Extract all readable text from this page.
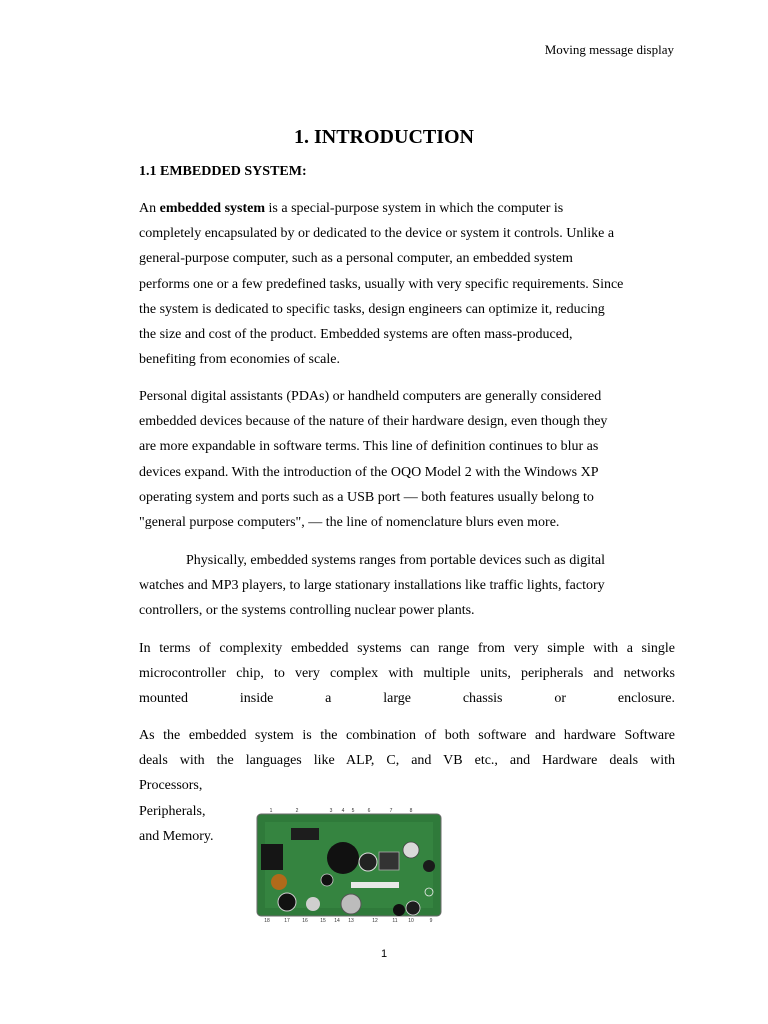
Moving message display
1. INTRODUCTION
1.1 EMBEDDED SYSTEM:
An embedded system is a special-purpose system in which the computer is
completely encapsulated by or dedicated to the device or system it controls. Unlike a
general-purpose computer, such as a personal computer, an embedded system
performs one or a few predefined tasks, usually with very specific requirements. Since
the system is dedicated to specific tasks, design engineers can optimize it, reducing
the size and cost of the product. Embedded systems are often mass-produced,
benefiting from economies of scale.
Personal digital assistants (PDAs) or handheld computers are generally considered
embedded devices because of the nature of their hardware design, even though they
are more expandable in software terms. This line of definition continues to blur as
devices expand. With the introduction of the OQO Model 2 with the Windows XP
operating system and ports such as a USB port — both features usually belong to
"general purpose computers", — the line of nomenclature blurs even more.
Physically, embedded systems ranges from portable devices such as digital
watches and MP3 players, to large stationary installations like traffic lights, factory
controllers, or the systems controlling nuclear power plants.
In terms of complexity embedded systems can range from very simple with a single
microcontroller chip, to very complex with multiple units, peripherals and networks
mounted inside a large chassis or enclosure.
As the embedded system is the combination of both software and hardware Software
deals with the languages like ALP, C, and VB etc., and Hardware deals with
Processors,
Peripherals,
and Memory.
1	2	3 4 5	6	7	8
18	17 16 15 14 13	12	11 10	9
1
